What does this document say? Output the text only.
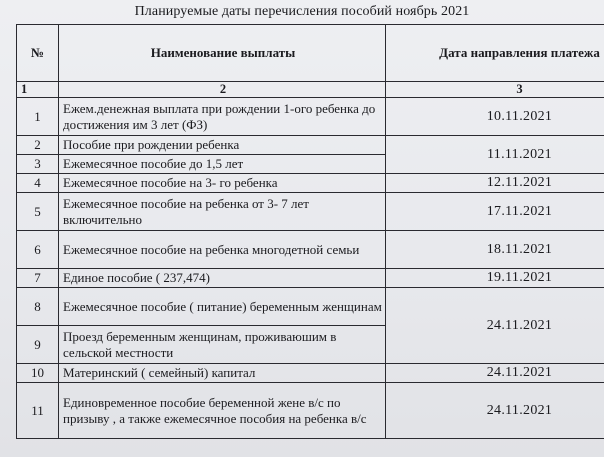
Планируемые даты перечисления пособий ноябрь 2021
№	Наименование выплаты	Дата направления платежа
1	2	3
1	Ежем.денежная выплата при рождении 1-ого ребенка до достижения им 3 лет (ФЗ)	10.11.2021
2	Пособие при рождении ребенка	11.11.2021
3	Ежемесячное пособие до 1,5 лет	
4	Ежемесячное пособие на 3- го ребенка	12.11.2021
5	Ежемесячное пособие на ребенка от 3- 7 лет включительно	17.11.2021
6	Ежемесячное пособие на ребенка многодетной семьи	18.11.2021
7	Единое пособие ( 237,474)	19.11.2021
8	Ежемесячное пособие ( питание) беременным женщинам	24.11.2021
9	Проезд беременным женщинам, проживаюшим в сельской местности	
10	Материнский ( семейный) капитал	24.11.2021
11	Единовременное пособие беременной жене в/с по призыву , а также ежемесячное пособия на ребенка в/с	24.11.2021
